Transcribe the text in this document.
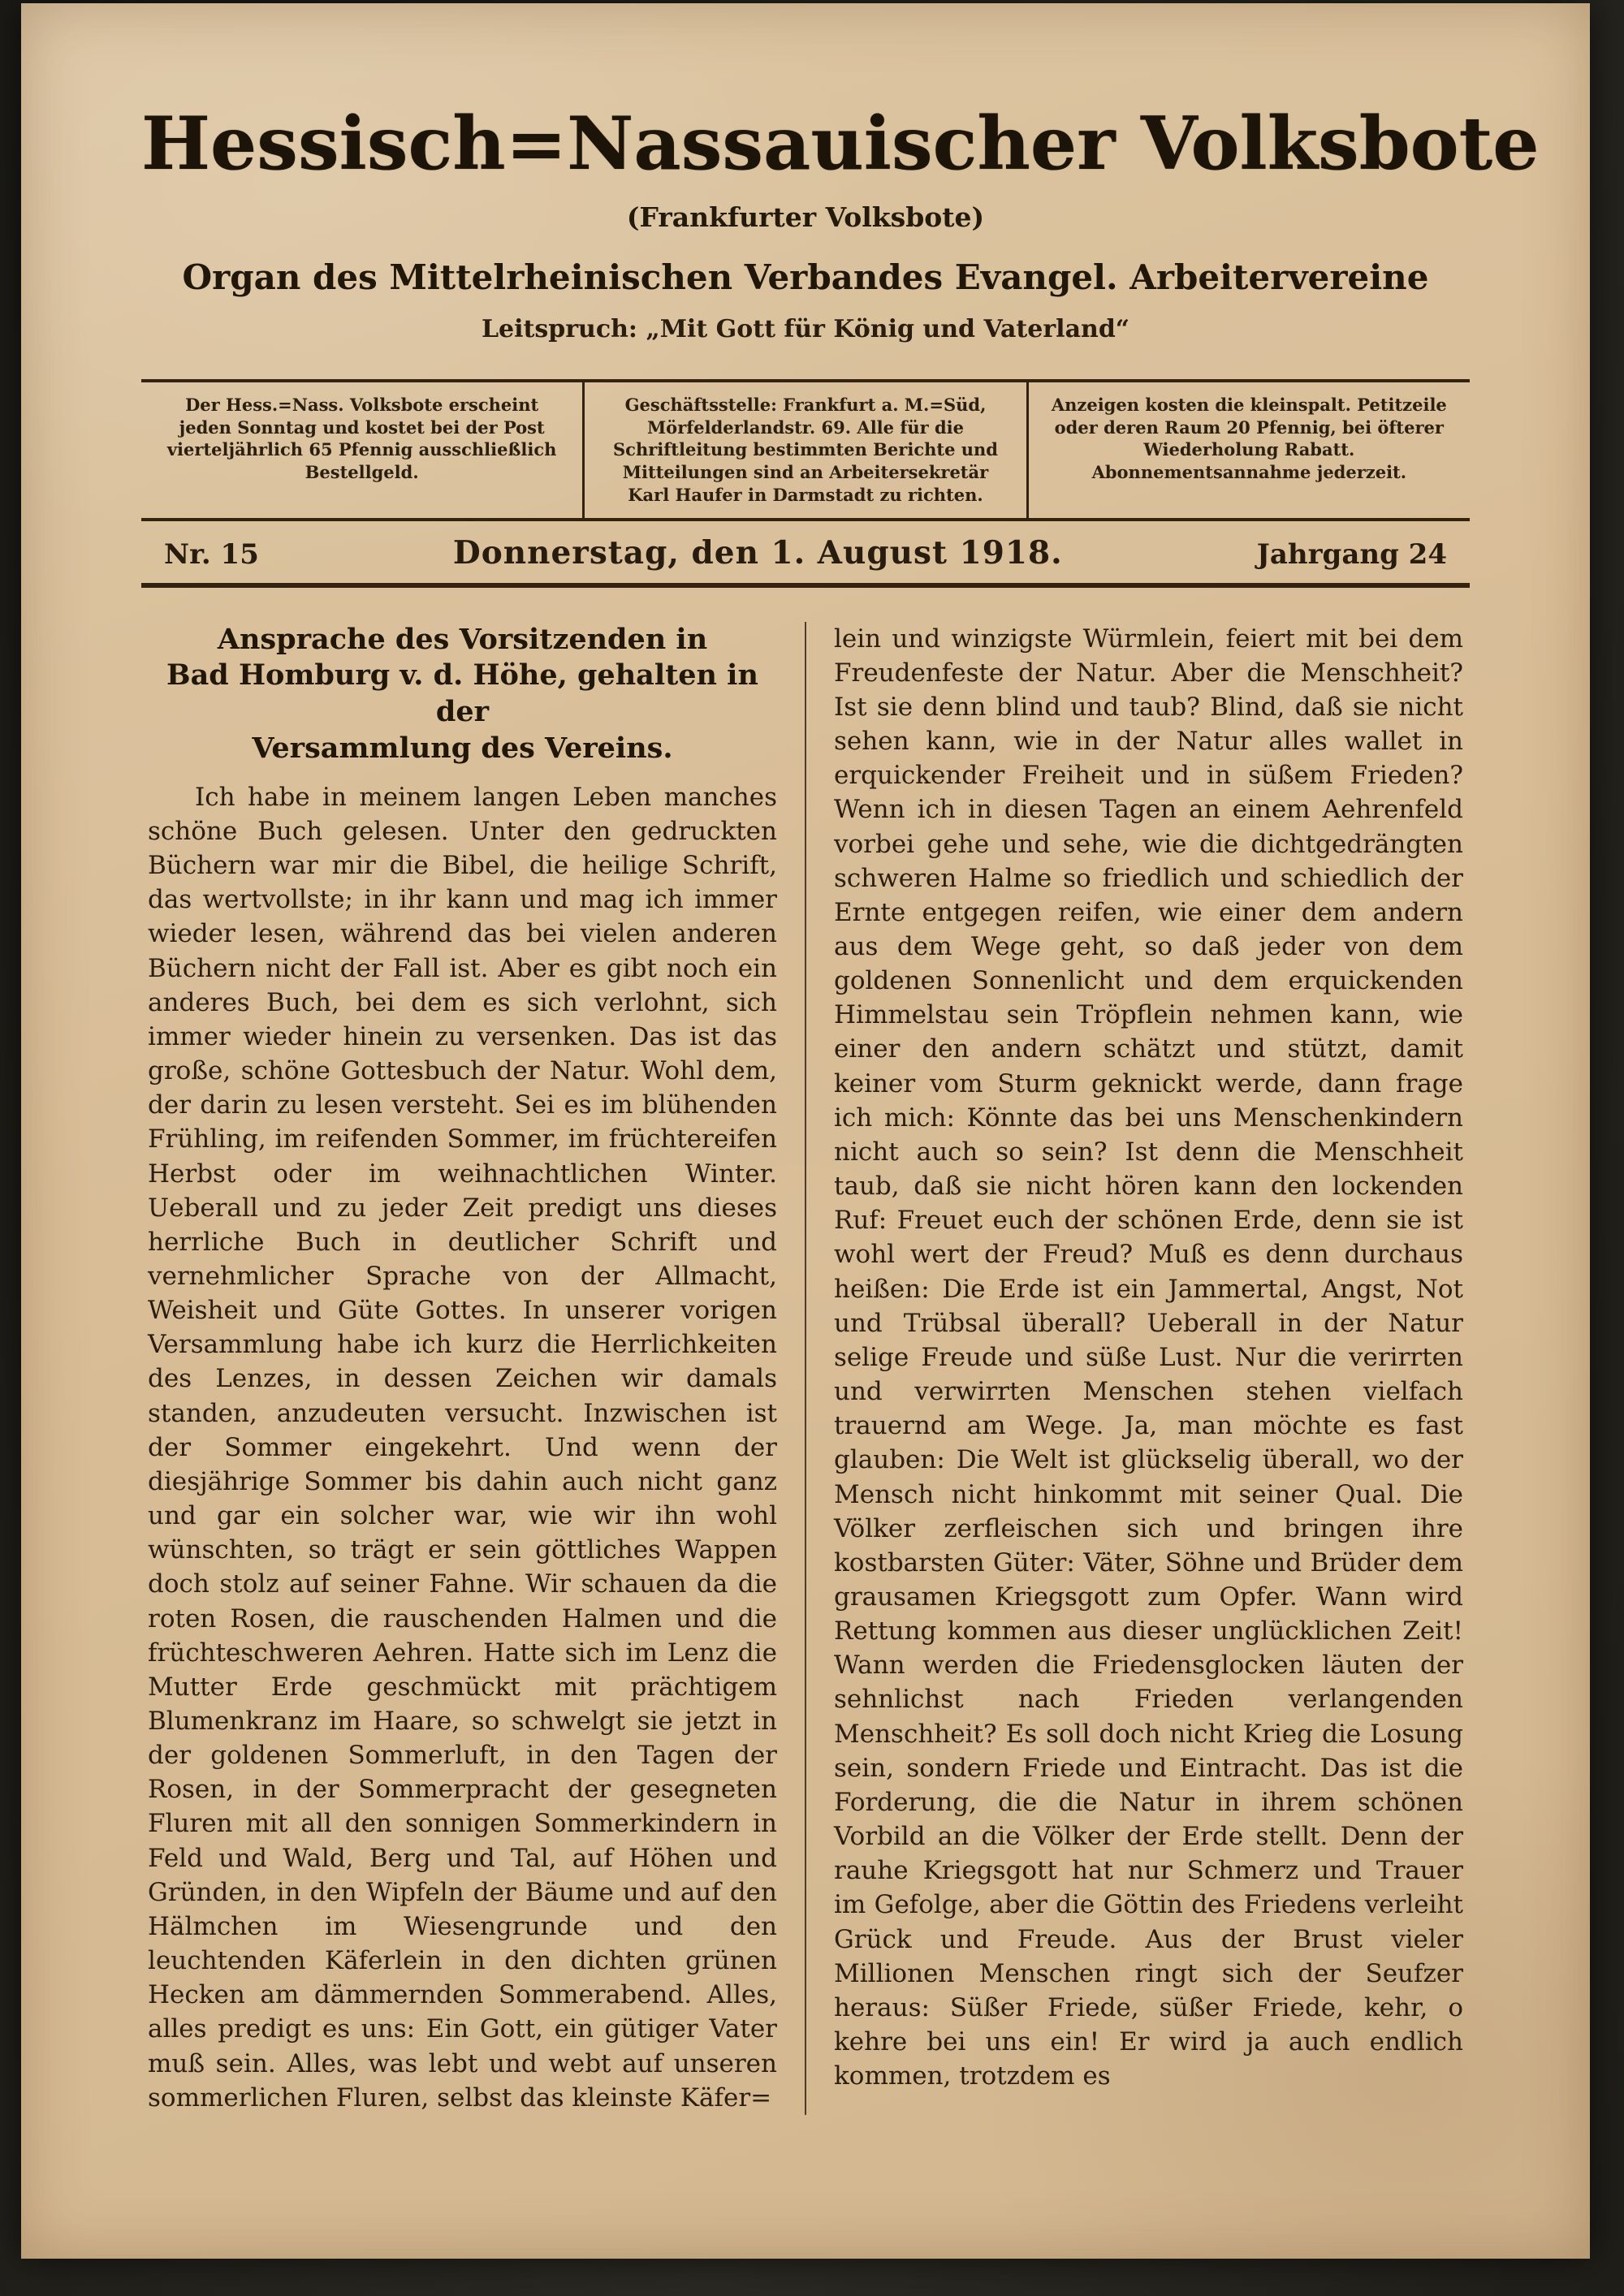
Hessisch=Nassauischer Volksbote
(Frankfurter Volksbote)
Organ des Mittelrheinischen Verbandes Evangel. Arbeitervereine
Leitspruch: „Mit Gott für König und Vaterland“
Der Hess.=Nass. Volksbote erscheint jeden Sonntag und kostet bei der Post vierteljährlich 65 Pfennig ausschließlich Bestellgeld.
Geschäftsstelle: Frankfurt a. M.=Süd, Mörfelderlandstr. 69. Alle für die Schriftleitung bestimmten Berichte und Mitteilungen sind an Arbeitersekretär Karl Haufer in Darmstadt zu richten.
Anzeigen kosten die kleinspalt. Petitzeile oder deren Raum 20 Pfennig, bei öfterer Wiederholung Rabatt. Abonnementsannahme jederzeit.
Nr. 15	Donnerstag, den 1. August 1918.	Jahrgang 24
Ansprache des Vorsitzenden in
Bad Homburg v. d. Höhe, gehalten in der
Versammlung des Vereins.

Ich habe in meinem langen Leben manches schöne Buch gelesen. Unter den gedruckten Büchern war mir die Bibel, die heilige Schrift, das wertvollste; in ihr kann und mag ich immer wieder lesen, während das bei vielen anderen Büchern nicht der Fall ist. Aber es gibt noch ein anderes Buch, bei dem es sich verlohnt, sich immer wieder hinein zu versenken. Das ist das große, schöne Gottesbuch der Natur. Wohl dem, der darin zu lesen versteht. Sei es im blühenden Frühling, im reifenden Sommer, im früchtereifen Herbst oder im weihnachtlichen Winter. Ueberall und zu jeder Zeit predigt uns dieses herrliche Buch in deutlicher Schrift und vernehmlicher Sprache von der Allmacht, Weisheit und Güte Gottes. In unserer vorigen Versammlung habe ich kurz die Herrlichkeiten des Lenzes, in dessen Zeichen wir damals standen, anzudeuten versucht. Inzwischen ist der Sommer eingekehrt. Und wenn der diesjährige Sommer bis dahin auch nicht ganz und gar ein solcher war, wie wir ihn wohl wünschten, so trägt er sein göttliches Wappen doch stolz auf seiner Fahne. Wir schauen da die roten Rosen, die rauschenden Halmen und die früchteschweren Aehren. Hatte sich im Lenz die Mutter Erde geschmückt mit prächtigem Blumenkranz im Haare, so schwelgt sie jetzt in der goldenen Sommerluft, in den Tagen der Rosen, in der Sommerpracht der gesegneten Fluren mit all den sonnigen Sommerkindern in Feld und Wald, Berg und Tal, auf Höhen und Gründen, in den Wipfeln der Bäume und auf den Hälmchen im Wiesengrunde und den leuchtenden Käferlein in den dichten grünen Hecken am dämmernden Sommerabend. Alles, alles predigt es uns: Ein Gott, ein gütiger Vater muß sein. Alles, was lebt und webt auf unseren sommerlichen Fluren, selbst das kleinste Käfer=

lein und winzigste Würmlein, feiert mit bei dem Freudenfeste der Natur. Aber die Menschheit? Ist sie denn blind und taub? Blind, daß sie nicht sehen kann, wie in der Natur alles wallet in erquickender Freiheit und in süßem Frieden? Wenn ich in diesen Tagen an einem Aehrenfeld vorbei gehe und sehe, wie die dichtgedrängten schweren Halme so friedlich und schiedlich der Ernte entgegen reifen, wie einer dem andern aus dem Wege geht, so daß jeder von dem goldenen Sonnenlicht und dem erquickenden Himmelstau sein Tröpflein nehmen kann, wie einer den andern schätzt und stützt, damit keiner vom Sturm geknickt werde, dann frage ich mich: Könnte das bei uns Menschenkindern nicht auch so sein? Ist denn die Menschheit taub, daß sie nicht hören kann den lockenden Ruf: Freuet euch der schönen Erde, denn sie ist wohl wert der Freud? Muß es denn durchaus heißen: Die Erde ist ein Jammertal, Angst, Not und Trübsal überall? Ueberall in der Natur selige Freude und süße Lust. Nur die verirrten und verwirrten Menschen stehen vielfach trauernd am Wege. Ja, man möchte es fast glauben: Die Welt ist glückselig überall, wo der Mensch nicht hinkommt mit seiner Qual. Die Völker zerfleischen sich und bringen ihre kostbarsten Güter: Väter, Söhne und Brüder dem grausamen Kriegsgott zum Opfer. Wann wird Rettung kommen aus dieser unglücklichen Zeit! Wann werden die Friedensglocken läuten der sehnlichst nach Frieden verlangenden Menschheit? Es soll doch nicht Krieg die Losung sein, sondern Friede und Eintracht. Das ist die Forderung, die die Natur in ihrem schönen Vorbild an die Völker der Erde stellt. Denn der rauhe Kriegsgott hat nur Schmerz und Trauer im Gefolge, aber die Göttin des Friedens verleiht Grück und Freude. Aus der Brust vieler Millionen Menschen ringt sich der Seufzer heraus: Süßer Friede, süßer Friede, kehr, o kehre bei uns ein! Er wird ja auch endlich kommen, trotzdem es
